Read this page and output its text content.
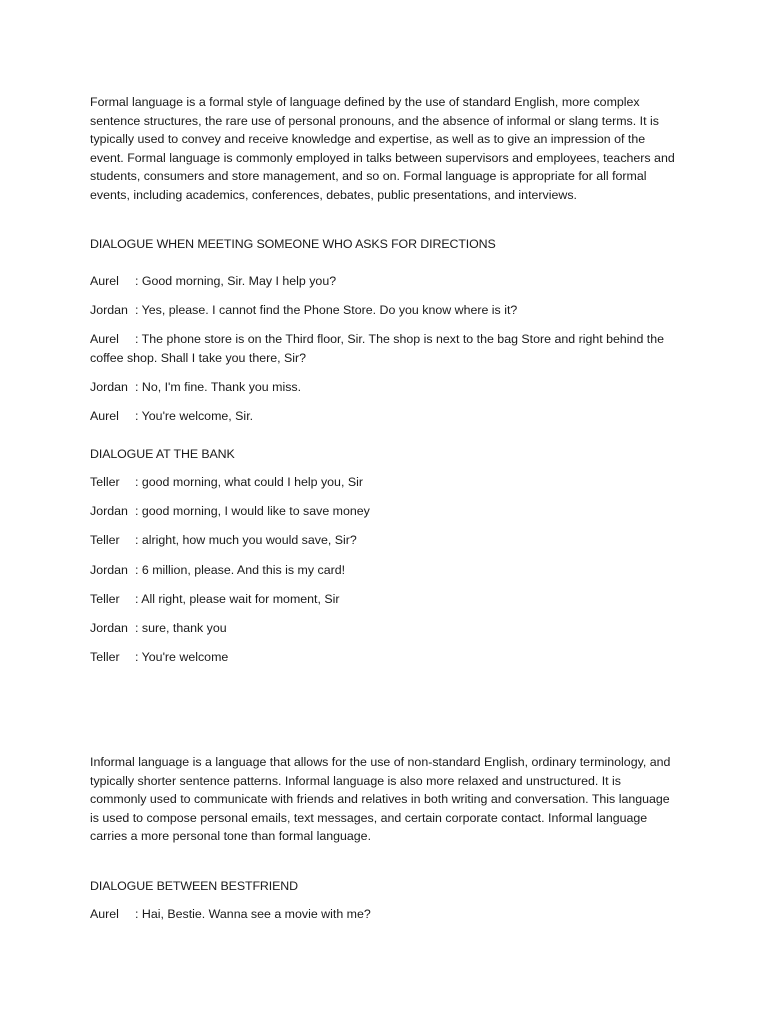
Formal language is a formal style of language defined by the use of standard English, more complex sentence structures, the rare use of personal pronouns, and the absence of informal or slang terms. It is typically used to convey and receive knowledge and expertise, as well as to give an impression of the event. Formal language is commonly employed in talks between supervisors and employees, teachers and students, consumers and store management, and so on. Formal language is appropriate for all formal events, including academics, conferences, debates, public presentations, and interviews.

DIALOGUE WHEN MEETING SOMEONE WHO ASKS FOR DIRECTIONS

Aurel : Good morning, Sir. May I help you?

Jordan : Yes, please. I cannot find the Phone Store. Do you know where is it?

Aurel : The phone store is on the Third floor, Sir. The shop is next to the bag Store and right behind the coffee shop. Shall I take you there, Sir?

Jordan : No, I'm fine. Thank you miss.

Aurel : You're welcome, Sir.

DIALOGUE AT THE BANK

Teller : good morning, what could I help you, Sir

Jordan : good morning, I would like to save money

Teller : alright, how much you would save, Sir?

Jordan : 6 million, please. And this is my card!

Teller : All right, please wait for moment, Sir

Jordan : sure, thank you

Teller : You're welcome

Informal language is a language that allows for the use of non-standard English, ordinary terminology, and typically shorter sentence patterns. Informal language is also more relaxed and unstructured. It is commonly used to communicate with friends and relatives in both writing and conversation. This language is used to compose personal emails, text messages, and certain corporate contact. Informal language carries a more personal tone than formal language.

DIALOGUE BETWEEN BESTFRIEND

Aurel : Hai, Bestie. Wanna see a movie with me?
